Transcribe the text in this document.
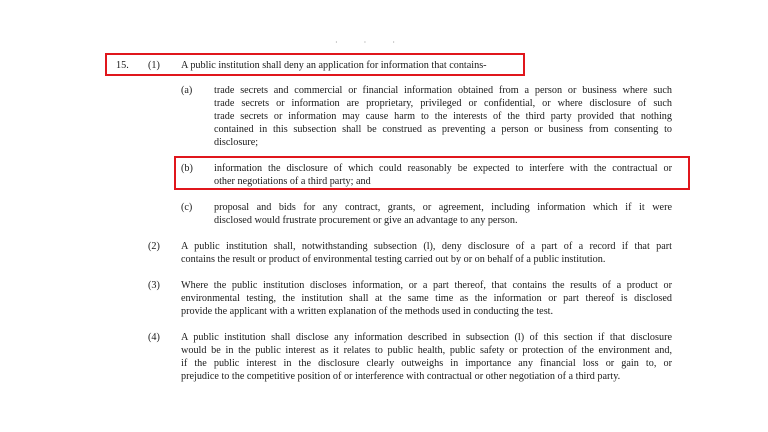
···
15. (1) A public institution shall deny an application for information that contains-
(a) trade secrets and commercial or financial information obtained from a person or business where such
trade secrets or information are proprietary, privileged or confidential, or where disclosure of such
trade secrets or information may cause harm to the interests of the third party provided that nothing
contained in this subsection shall be construed as preventing a person or business from consenting to
disclosure;
(b) information the disclosure of which could reasonably be expected to interfere with the contractual or
other negotiations of a third party; and
(c) proposal and bids for any contract, grants, or agreement, including information which if it were
disclosed would frustrate procurement or give an advantage to any person.
(2) A public institution shall, notwithstanding subsection (l), deny disclosure of a part of a record if that part
contains the result or product of environmental testing carried out by or on behalf of a public institution.
(3) Where the public institution discloses information, or a part thereof, that contains the results of a product or
environmental testing, the institution shall at the same time as the information or part thereof is disclosed
provide the applicant with a written explanation of the methods used in conducting the test.
(4) A public institution shall disclose any information described in subsection (l) of this section if that disclosure
would be in the public interest as it relates to public health, public safety or protection of the environment and,
if the public interest in the disclosure clearly outweighs in importance any financial loss or gain to, or
prejudice to the competitive position of or interference with contractual or other negotiation of a third party.
